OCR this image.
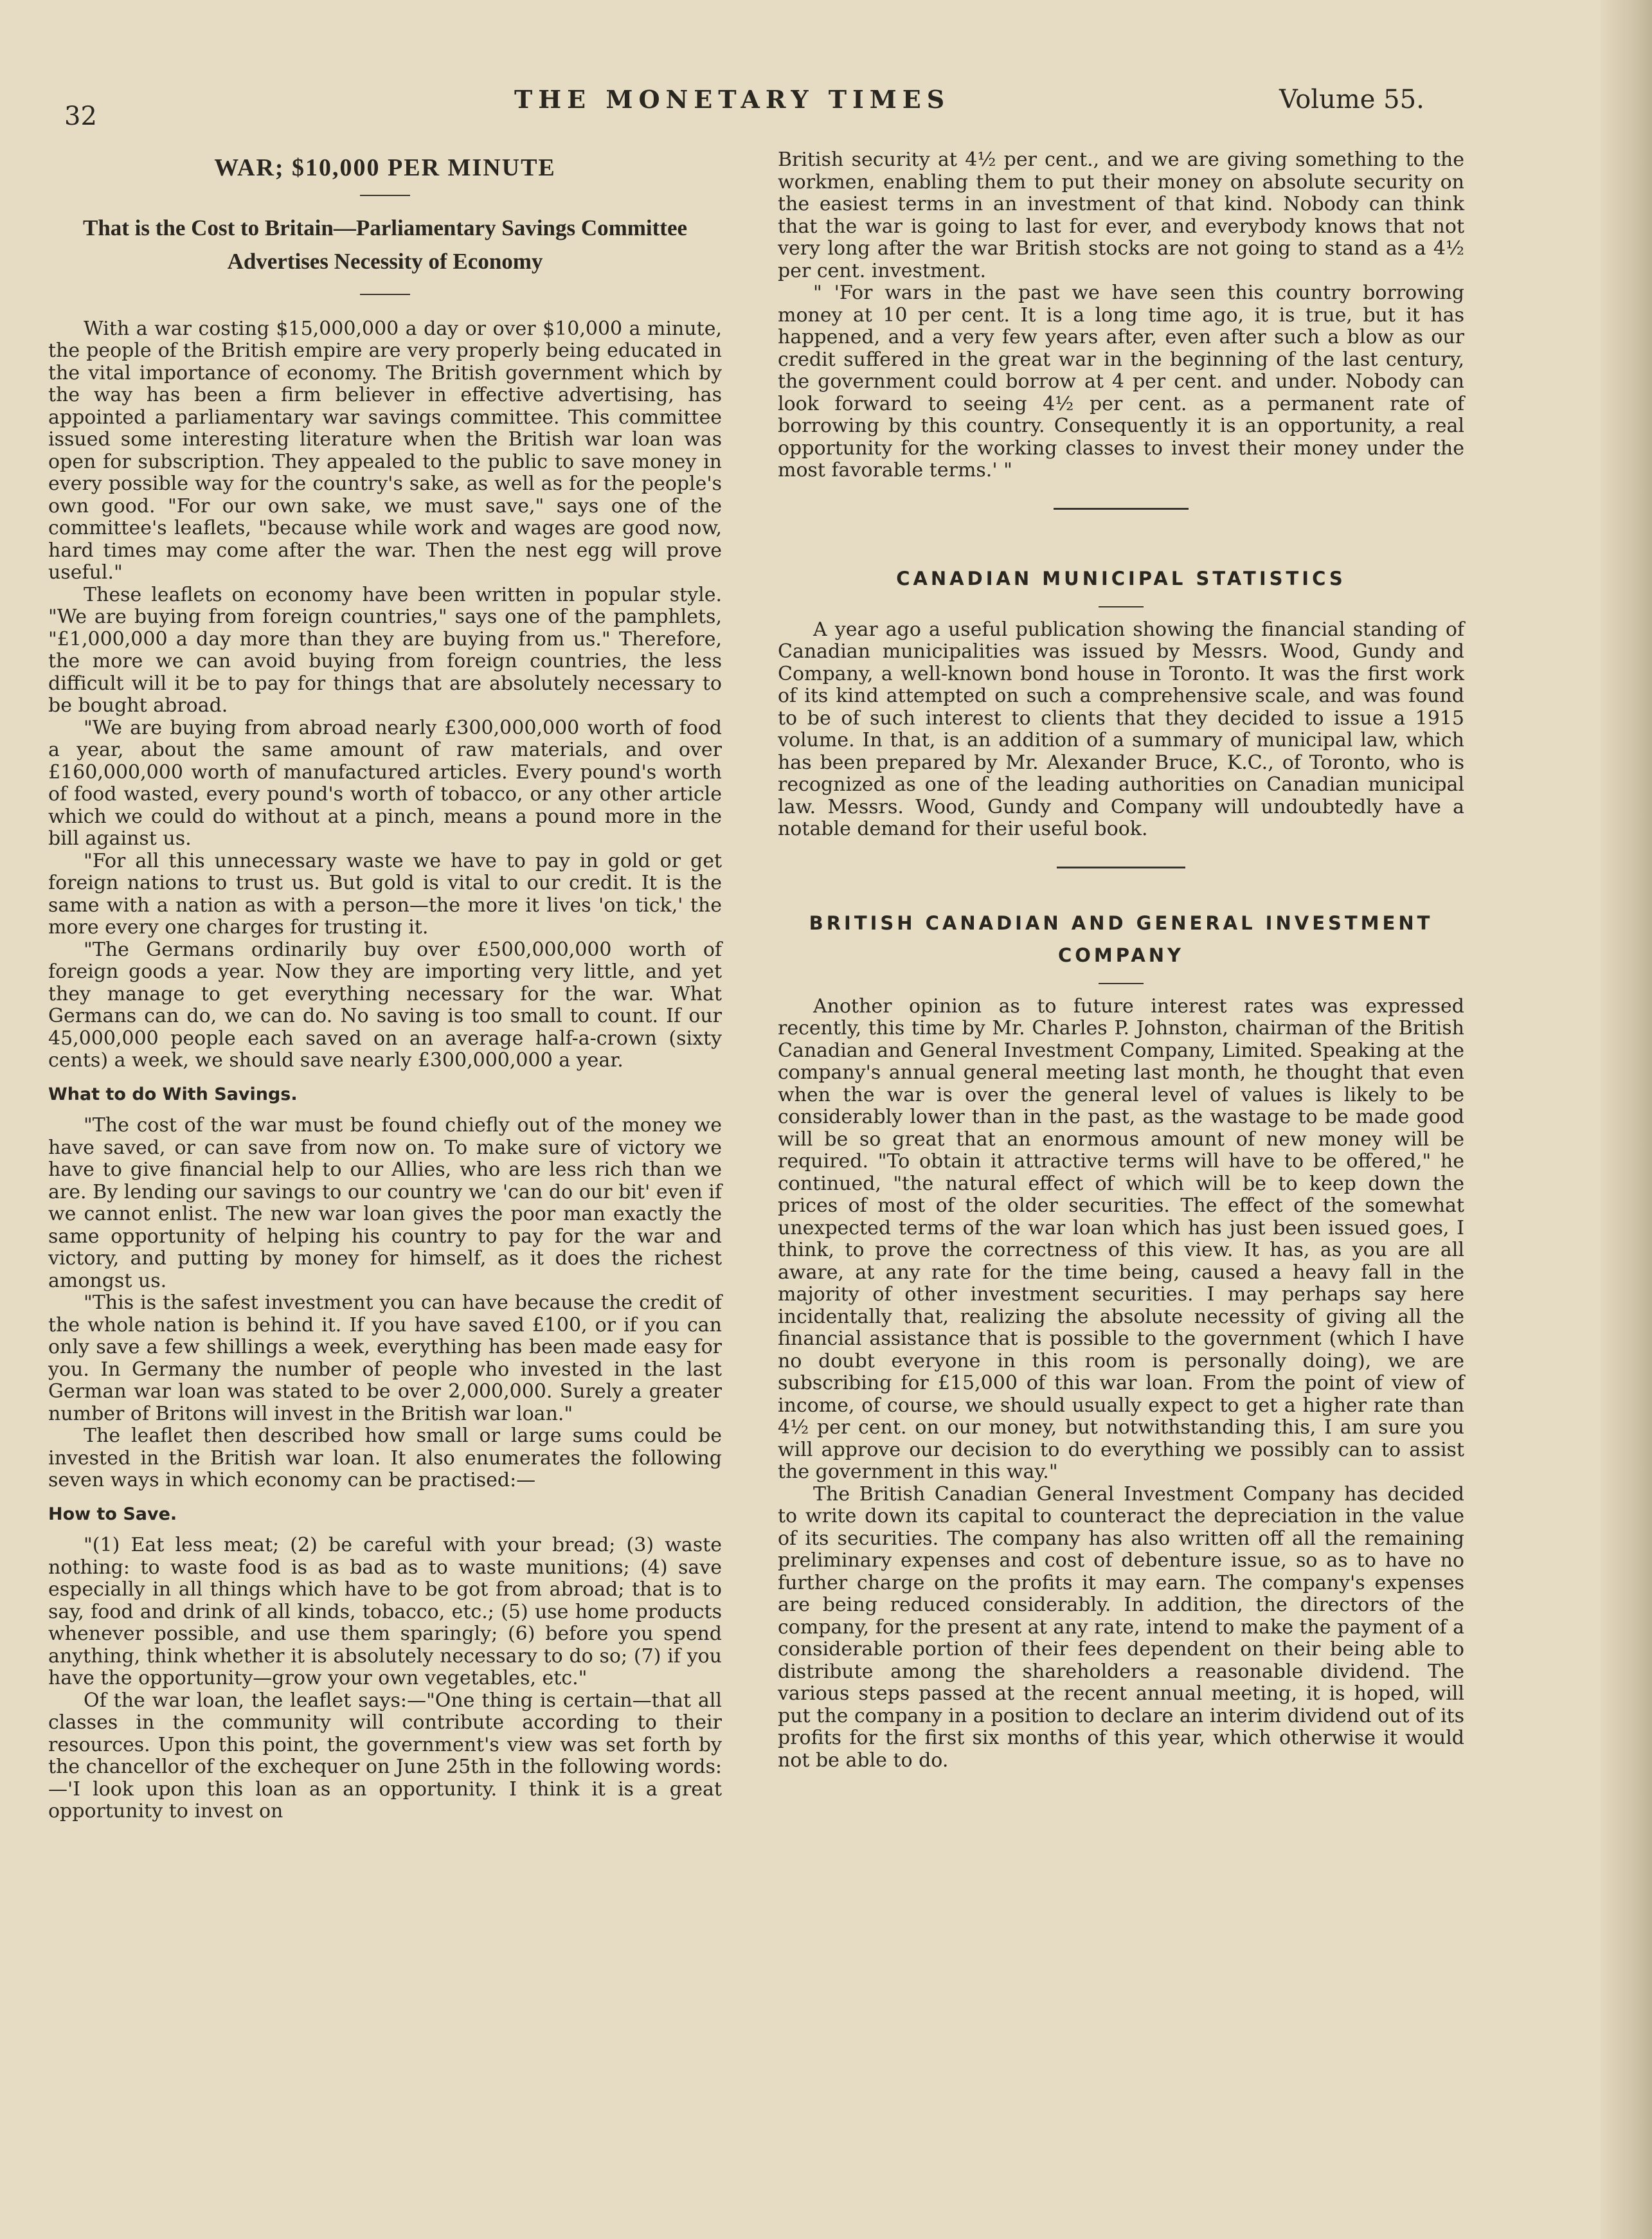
32
THE MONETARY TIMES	Volume 55.
WAR; $10,000 PER MINUTE
That is the Cost to Britain—Parliamentary Savings Committee Advertises Necessity of Economy

With a war costing $15,000,000 a day or over $10,000 a minute, the people of the British empire are very properly being educated in the vital importance of economy. The British government which by the way has been a firm believer in effective advertising, has appointed a parliamentary war savings committee. This committee issued some interesting literature when the British war loan was open for subscription. They appealed to the public to save money in every possible way for the country's sake, as well as for the people's own good. "For our own sake, we must save," says one of the committee's leaflets, "because while work and wages are good now, hard times may come after the war. Then the nest egg will prove useful."

These leaflets on economy have been written in popular style. "We are buying from foreign countries," says one of the pamphlets, "£1,000,000 a day more than they are buying from us." Therefore, the more we can avoid buying from foreign countries, the less difficult will it be to pay for things that are absolutely necessary to be bought abroad.

"We are buying from abroad nearly £300,000,000 worth of food a year, about the same amount of raw materials, and over £160,000,000 worth of manufactured articles. Every pound's worth of food wasted, every pound's worth of tobacco, or any other article which we could do without at a pinch, means a pound more in the bill against us.

"For all this unnecessary waste we have to pay in gold or get foreign nations to trust us. But gold is vital to our credit. It is the same with a nation as with a person—the more it lives 'on tick,' the more every one charges for trusting it.

"The Germans ordinarily buy over £500,000,000 worth of foreign goods a year. Now they are importing very little, and yet they manage to get everything necessary for the war. What Germans can do, we can do. No saving is too small to count. If our 45,000,000 people each saved on an average half-a-crown (sixty cents) a week, we should save nearly £300,000,000 a year.

What to do With Savings.

"The cost of the war must be found chiefly out of the money we have saved, or can save from now on. To make sure of victory we have to give financial help to our Allies, who are less rich than we are. By lending our savings to our country we 'can do our bit' even if we cannot enlist. The new war loan gives the poor man exactly the same opportunity of helping his country to pay for the war and victory, and putting by money for himself, as it does the richest amongst us.

"This is the safest investment you can have because the credit of the whole nation is behind it. If you have saved £100, or if you can only save a few shillings a week, everything has been made easy for you. In Germany the number of people who invested in the last German war loan was stated to be over 2,000,000. Surely a greater number of Britons will invest in the British war loan."

The leaflet then described how small or large sums could be invested in the British war loan. It also enumerates the following seven ways in which economy can be practised:—

How to Save.

"(1) Eat less meat; (2) be careful with your bread; (3) waste nothing: to waste food is as bad as to waste munitions; (4) save especially in all things which have to be got from abroad; that is to say, food and drink of all kinds, tobacco, etc.; (5) use home products whenever possible, and use them sparingly; (6) before you spend anything, think whether it is absolutely necessary to do so; (7) if you have the opportunity—grow your own vegetables, etc."

Of the war loan, the leaflet says:—"One thing is certain—that all classes in the community will contribute according to their resources. Upon this point, the government's view was set forth by the chancellor of the exchequer on June 25th in the following words:—'I look upon this loan as an opportunity. I think it is a great opportunity to invest on

British security at 4½ per cent., and we are giving something to the workmen, enabling them to put their money on absolute security on the easiest terms in an investment of that kind. Nobody can think that the war is going to last for ever, and everybody knows that not very long after the war British stocks are not going to stand as a 4½ per cent. investment.

" 'For wars in the past we have seen this country borrowing money at 10 per cent. It is a long time ago, it is true, but it has happened, and a very few years after, even after such a blow as our credit suffered in the great war in the beginning of the last century, the government could borrow at 4 per cent. and under. Nobody can look forward to seeing 4½ per cent. as a permanent rate of borrowing by this country. Consequently it is an opportunity, a real opportunity for the working classes to invest their money under the most favorable terms.' "

CANADIAN MUNICIPAL STATISTICS

A year ago a useful publication showing the financial standing of Canadian municipalities was issued by Messrs. Wood, Gundy and Company, a well-known bond house in Toronto. It was the first work of its kind attempted on such a comprehensive scale, and was found to be of such interest to clients that they decided to issue a 1915 volume. In that, is an addition of a summary of municipal law, which has been prepared by Mr. Alexander Bruce, K.C., of Toronto, who is recognized as one of the leading authorities on Canadian municipal law. Messrs. Wood, Gundy and Company will undoubtedly have a notable demand for their useful book.

BRITISH CANADIAN AND GENERAL INVESTMENT COMPANY

Another opinion as to future interest rates was expressed recently, this time by Mr. Charles P. Johnston, chairman of the British Canadian and General Investment Company, Limited. Speaking at the company's annual general meeting last month, he thought that even when the war is over the general level of values is likely to be considerably lower than in the past, as the wastage to be made good will be so great that an enormous amount of new money will be required. "To obtain it attractive terms will have to be offered," he continued, "the natural effect of which will be to keep down the prices of most of the older securities. The effect of the somewhat unexpected terms of the war loan which has just been issued goes, I think, to prove the correctness of this view. It has, as you are all aware, at any rate for the time being, caused a heavy fall in the majority of other investment securities. I may perhaps say here incidentally that, realizing the absolute necessity of giving all the financial assistance that is possible to the government (which I have no doubt everyone in this room is personally doing), we are subscribing for £15,000 of this war loan. From the point of view of income, of course, we should usually expect to get a higher rate than 4½ per cent. on our money, but notwithstanding this, I am sure you will approve our decision to do everything we possibly can to assist the government in this way."

The British Canadian General Investment Company has decided to write down its capital to counteract the depreciation in the value of its securities. The company has also written off all the remaining preliminary expenses and cost of debenture issue, so as to have no further charge on the profits it may earn. The company's expenses are being reduced considerably. In addition, the directors of the company, for the present at any rate, intend to make the payment of a considerable portion of their fees dependent on their being able to distribute among the shareholders a reasonable dividend. The various steps passed at the recent annual meeting, it is hoped, will put the company in a position to declare an interim dividend out of its profits for the first six months of this year, which otherwise it would not be able to do.
